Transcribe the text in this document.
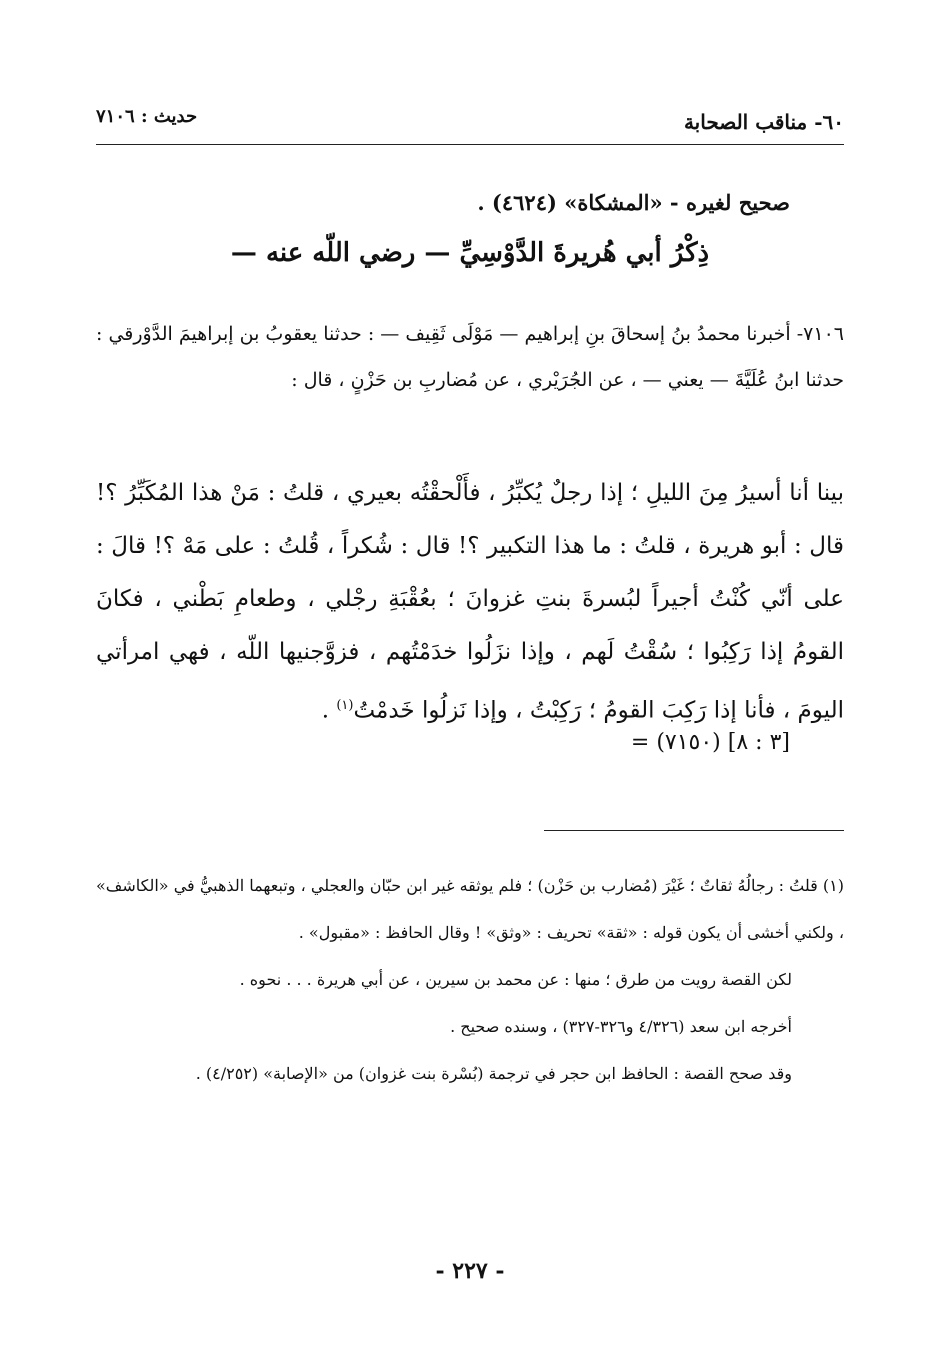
٦٠- مناقب الصحابة
حديث : ٧١٠٦
صحيح لغيره - «المشكاة» (٤٦٢٤) .
ذِكْرُ أبي هُريرةَ الدَّوْسِيِّ — رضي اللّه عنه —

٧١٠٦- أخبرنا محمدُ بنُ إسحاقَ بنِ إبراهيم — مَوْلَى ثَقِيف — : حدثنا يعقوبُ بن إبراهيمَ الدَّوْرقي : حدثنا ابنُ عُلَيَّةَ — يعني — ، عن الجُرَيْري ، عن مُضاربِ بن حَزْنٍ ، قال :

بينا أنا أسيرُ مِنَ الليلِ ؛ إذا رجلٌ يُكبِّرُ ، فأَلْحقْتُه بعيري ، قلتُ : مَنْ هذا المُكَبِّرُ ؟! قال : أبو هريرة ، قلتُ : ما هذا التكبير ؟! قال : شُكراً ، قُلتُ : على مَهْ ؟! قالَ : على أنّي كُنْتُ أجيراً لبُسرةَ بنتِ غزوانَ ؛ بعُقْبَةِ رجْلي ، وطعامِ بَطْني ، فكانَ القومُ إذا رَكِبُوا ؛ سُقْتُ لَهم ، وإذا نزَلُوا خدَمْتُهم ، فزوَّجنيها اللّه ، فهي امرأتي اليومَ ، فأنا إذا رَكِبَ القومُ ؛ رَكِبْتُ ، وإذا نَزلُوا خَدمْتُ$^{(١)}$ .

= (٧١٥٠) [٣ : ٨]

(١) قلتُ : رجالُهُ ثقاتٌ ؛ غَيْرَ (مُضارب بن حَزْن) ؛ فلم يوثقه غير ابن حبّان والعجلي ، وتبعهما الذهبيُّ في «الكاشف» ، ولكني أخشى أن يكون قوله : «ثقة» تحريف : «وثق» ! وقال الحافظ : «مقبول» .

لكن القصة رويت من طرق ؛ منها : عن محمد بن سيرين ، عن أبي هريرة . . . نحوه .

أخرجه ابن سعد (٤/٣٢٦ و٣٢٦-٣٢٧) ، وسنده صحيح .

وقد صحح القصة : الحافظ ابن حجر في ترجمة (بُسْرة بنت غزوان) من «الإصابة» (٤/٢٥٢) .

- ٢٢٧ -
